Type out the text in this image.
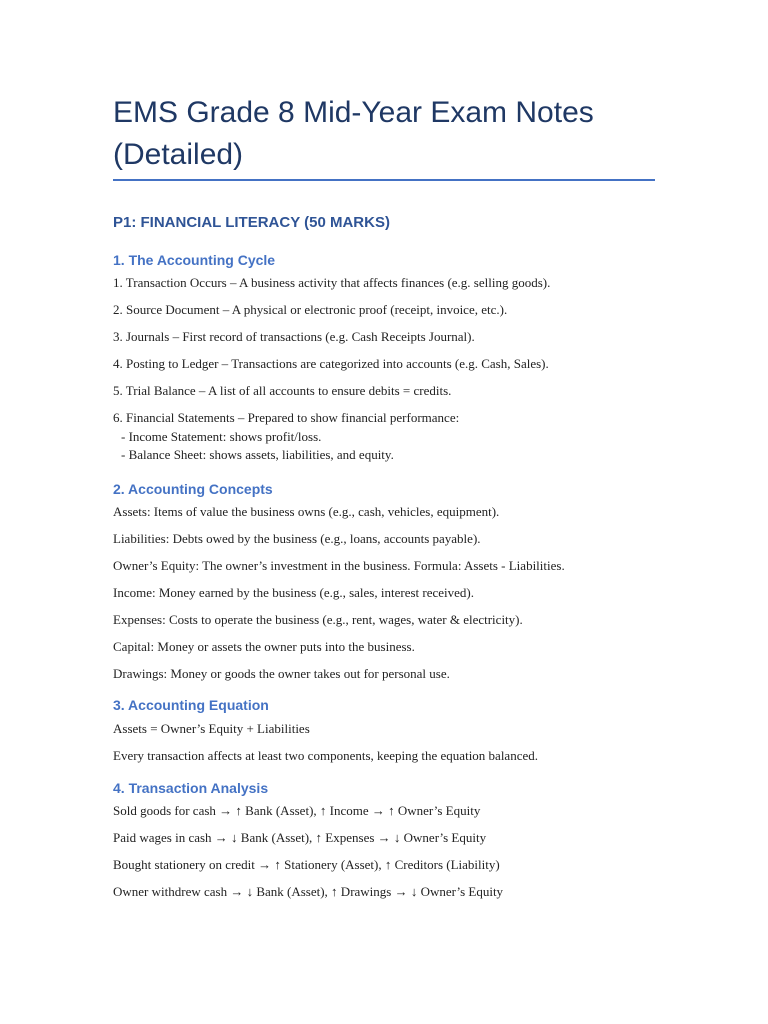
EMS Grade 8 Mid-Year Exam Notes (Detailed)
P1: FINANCIAL LITERACY (50 MARKS)
1. The Accounting Cycle

1. Transaction Occurs – A business activity that affects finances (e.g. selling goods).

2. Source Document – A physical or electronic proof (receipt, invoice, etc.).

3. Journals – First record of transactions (e.g. Cash Receipts Journal).

4. Posting to Ledger – Transactions are categorized into accounts (e.g. Cash, Sales).

5. Trial Balance – A list of all accounts to ensure debits = credits.

6. Financial Statements – Prepared to show financial performance:

- Income Statement: shows profit/loss.
- Balance Sheet: shows assets, liabilities, and equity.

2. Accounting Concepts

Assets: Items of value the business owns (e.g., cash, vehicles, equipment).

Liabilities: Debts owed by the business (e.g., loans, accounts payable).

Owner’s Equity: The owner’s investment in the business. Formula: Assets - Liabilities.

Income: Money earned by the business (e.g., sales, interest received).

Expenses: Costs to operate the business (e.g., rent, wages, water & electricity).

Capital: Money or assets the owner puts into the business.

Drawings: Money or goods the owner takes out for personal use.

3. Accounting Equation

Assets = Owner’s Equity + Liabilities

Every transaction affects at least two components, keeping the equation balanced.

4. Transaction Analysis

Sold goods for cash → ↑ Bank (Asset), ↑ Income → ↑ Owner’s Equity

Paid wages in cash → ↓ Bank (Asset), ↑ Expenses → ↓ Owner’s Equity

Bought stationery on credit → ↑ Stationery (Asset), ↑ Creditors (Liability)

Owner withdrew cash → ↓ Bank (Asset), ↑ Drawings → ↓ Owner’s Equity
